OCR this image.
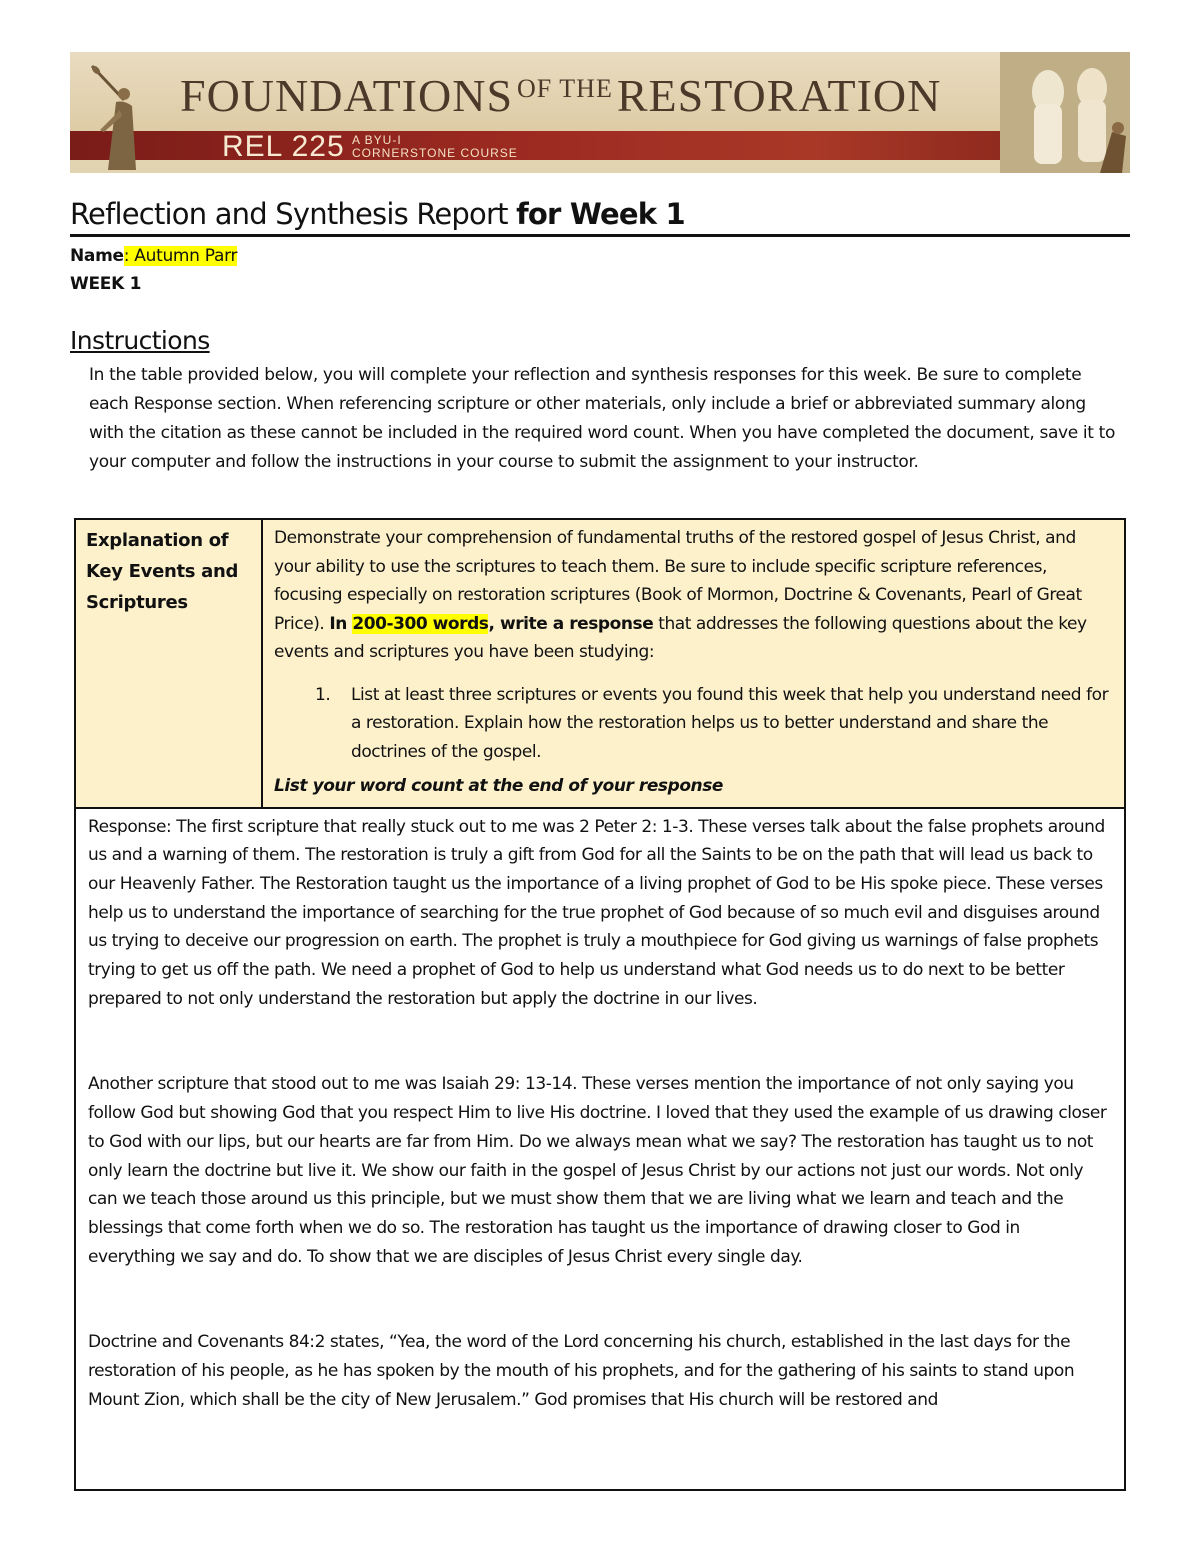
FOUNDATIONS $^{OF THE}$RESTORATION
REL 225 A BYU-I
CORNERSTONE COURSE
Reflection and Synthesis Report for Week 1
Name: Autumn Parr
WEEK 1
Instructions

In the table provided below, you will complete your reflection and synthesis responses for this week. Be sure to complete each Response section. When referencing scripture or other materials, only include a brief or abbreviated summary along with the citation as these cannot be included in the required word count. When you have completed the document, save it to your computer and follow the instructions in your course to submit the assignment to your instructor.

Explanation of Key Events and Scriptures	
Demonstrate your comprehension of fundamental truths of the restored gospel of Jesus Christ, and your ability to use the scriptures to teach them. Be sure to include specific scripture references, focusing especially on restoration scriptures (Book of Mormon, Doctrine & Covenants, Pearl of Great Price). In 200-300 words, write a response that addresses the following questions about the key events and scriptures you have been studying:
1. List at least three scriptures or events you found this week that help you understand need for a restoration. Explain how the restoration helps us to better understand and share the doctrines of the gospel.
List your word count at the end of your response

Response: The first scripture that really stuck out to me was 2 Peter 2: 1-3. These verses talk about the false prophets around us and a warning of them. The restoration is truly a gift from God for all the Saints to be on the path that will lead us back to our Heavenly Father. The Restoration taught us the importance of a living prophet of God to be His spoke piece. These verses help us to understand the importance of searching for the true prophet of God because of so much evil and disguises around us trying to deceive our progression on earth. The prophet is truly a mouthpiece for God giving us warnings of false prophets trying to get us off the path. We need a prophet of God to help us understand what God needs us to do next to be better prepared to not only understand the restoration but apply the doctrine in our lives.

Another scripture that stood out to me was Isaiah 29: 13-14. These verses mention the importance of not only saying you follow God but showing God that you respect Him to live His doctrine. I loved that they used the example of us drawing closer to God with our lips, but our hearts are far from Him. Do we always mean what we say? The restoration has taught us to not only learn the doctrine but live it. We show our faith in the gospel of Jesus Christ by our actions not just our words. Not only can we teach those around us this principle, but we must show them that we are living what we learn and teach and the blessings that come forth when we do so. The restoration has taught us the importance of drawing closer to God in everything we say and do. To show that we are disciples of Jesus Christ every single day.

Doctrine and Covenants 84:2 states, “Yea, the word of the Lord concerning his church, established in the last days for the restoration of his people, as he has spoken by the mouth of his prophets, and for the gathering of his saints to stand upon Mount Zion, which shall be the city of New Jerusalem.” God promises that His church will be restored and
